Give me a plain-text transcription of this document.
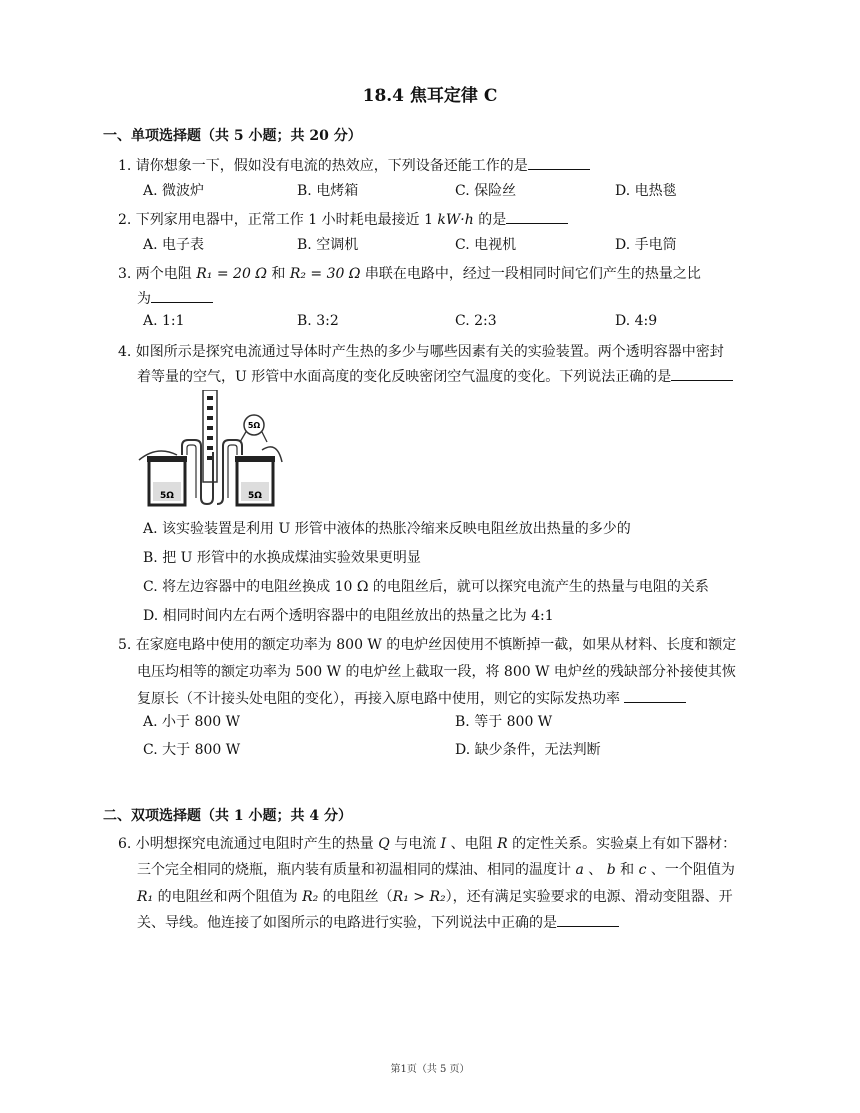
18.4 焦耳定律 C
一、单项选择题（共 5 小题；共 20 分）
1. 请你想象一下，假如没有电流的热效应，下列设备还能工作的是
A. 微波炉	B. 电烤箱	C. 保险丝	D. 电热毯
2. 下列家用电器中，正常工作 1 小时耗电最接近 1 kW·h 的是
A. 电子表	B. 空调机	C. 电视机	D. 手电筒
3. 两个电阻 R₁ = 20 Ω 和 R₂ = 30 Ω 串联在电路中，经过一段相同时间它们产生的热量之比
为
A. 1:1	B. 3:2	C. 2:3	D. 4:9
4. 如图所示是探究电流通过导体时产生热的多少与哪些因素有关的实验装置。两个透明容器中密封
着等量的空气，U 形管中水面高度的变化反映密闭空气温度的变化。下列说法正确的是
5Ω
5Ω	5Ω
A. 该实验装置是利用 U 形管中液体的热胀冷缩来反映电阻丝放出热量的多少的
B. 把 U 形管中的水换成煤油实验效果更明显
C. 将左边容器中的电阻丝换成 10 Ω 的电阻丝后，就可以探究电流产生的热量与电阻的关系
D. 相同时间内左右两个透明容器中的电阻丝放出的热量之比为 4:1
5. 在家庭电路中使用的额定功率为 800 W 的电炉丝因使用不慎断掉一截，如果从材料、长度和额定
电压均相等的额定功率为 500 W 的电炉丝上截取一段，将 800 W 电炉丝的残缺部分补接使其恢
复原长（不计接头处电阻的变化），再接入原电路中使用，则它的实际发热功率
A. 小于 800 W	B. 等于 800 W
C. 大于 800 W	D. 缺少条件，无法判断
二、双项选择题（共 1 小题；共 4 分）
6. 小明想探究电流通过电阻时产生的热量 Q 与电流 I 、电阻 R 的定性关系。实验桌上有如下器材：
三个完全相同的烧瓶，瓶内装有质量和初温相同的煤油、相同的温度计 a 、 b 和 c 、一个阻值为
R₁ 的电阻丝和两个阻值为 R₂ 的电阻丝（R₁ > R₂），还有满足实验要求的电源、滑动变阻器、开
关、导线。他连接了如图所示的电路进行实验，下列说法中正确的是
第1页（共 5 页）
